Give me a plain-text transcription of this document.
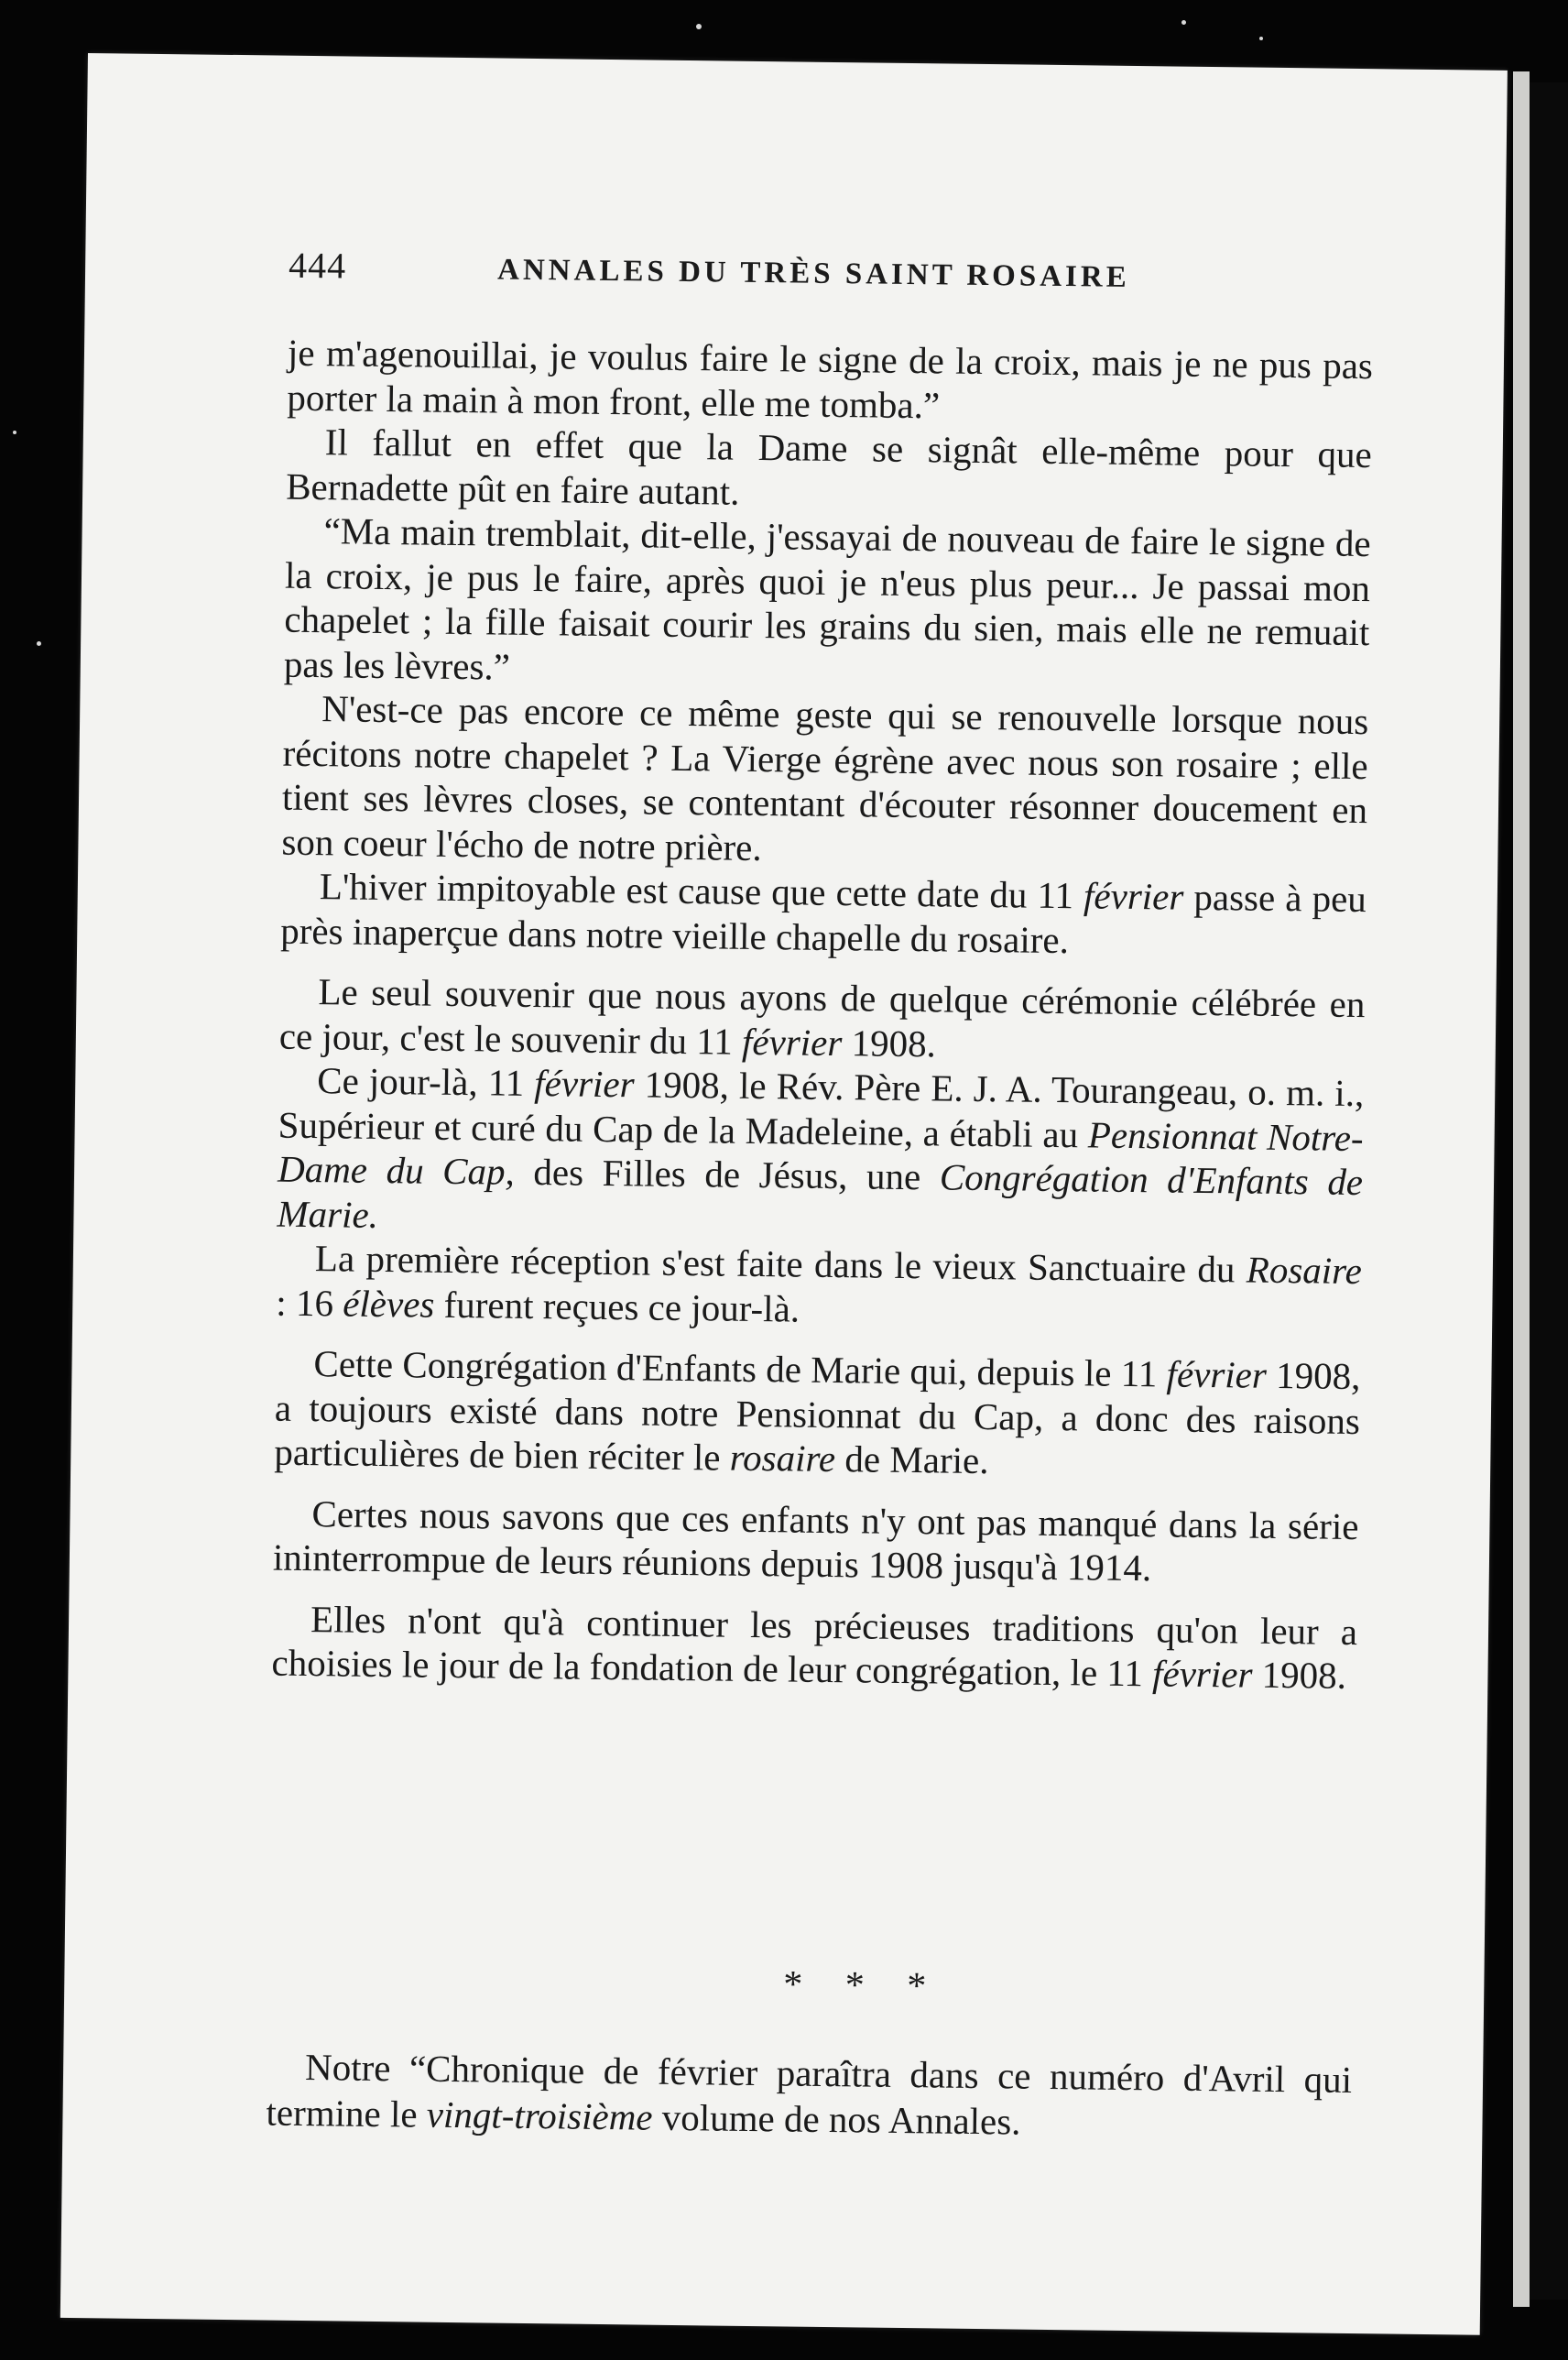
444	ANNALES DU TRÈS SAINT ROSAIRE

je m'agenouillai, je voulus faire le signe de la croix, mais je ne pus pas porter la main à mon front, elle me tomba.”

Il fallut en effet que la Dame se signât elle-même pour que Bernadette pût en faire autant.

“Ma main tremblait, dit-elle, j'essayai de nouveau de faire le signe de la croix, je pus le faire, après quoi je n'eus plus peur... Je passai mon chapelet ; la fille faisait courir les grains du sien, mais elle ne remuait pas les lèvres.”

N'est-ce pas encore ce même geste qui se renouvelle lorsque nous récitons notre chapelet ? La Vierge égrène avec nous son rosaire ; elle tient ses lèvres closes, se contentant d'écouter résonner doucement en son coeur l'écho de notre prière.

L'hiver impitoyable est cause que cette date du 11 février passe à peu près inaperçue dans notre vieille chapelle du rosaire.

Le seul souvenir que nous ayons de quelque cérémonie célébrée en ce jour, c'est le souvenir du 11 février 1908.

Ce jour-là, 11 février 1908, le Rév. Père E. J. A. Tourangeau, o. m. i., Supérieur et curé du Cap de la Madeleine, a établi au Pensionnat Notre-Dame du Cap, des Filles de Jésus, une Congrégation d'Enfants de Marie.

La première réception s'est faite dans le vieux Sanctuaire du Rosaire : 16 élèves furent reçues ce jour-là.

Cette Congrégation d'Enfants de Marie qui, depuis le 11 février 1908, a toujours existé dans notre Pensionnat du Cap, a donc des raisons particulières de bien réciter le rosaire de Marie.

Certes nous savons que ces enfants n'y ont pas manqué dans la série ininterrompue de leurs réunions depuis 1908 jusqu'à 1914.

Elles n'ont qu'à continuer les précieuses traditions qu'on leur a choisies le jour de la fondation de leur congrégation, le 11 février 1908.

* * *

Notre “Chronique de février paraîtra dans ce numéro d'Avril qui termine le vingt-troisième volume de nos Annales.
